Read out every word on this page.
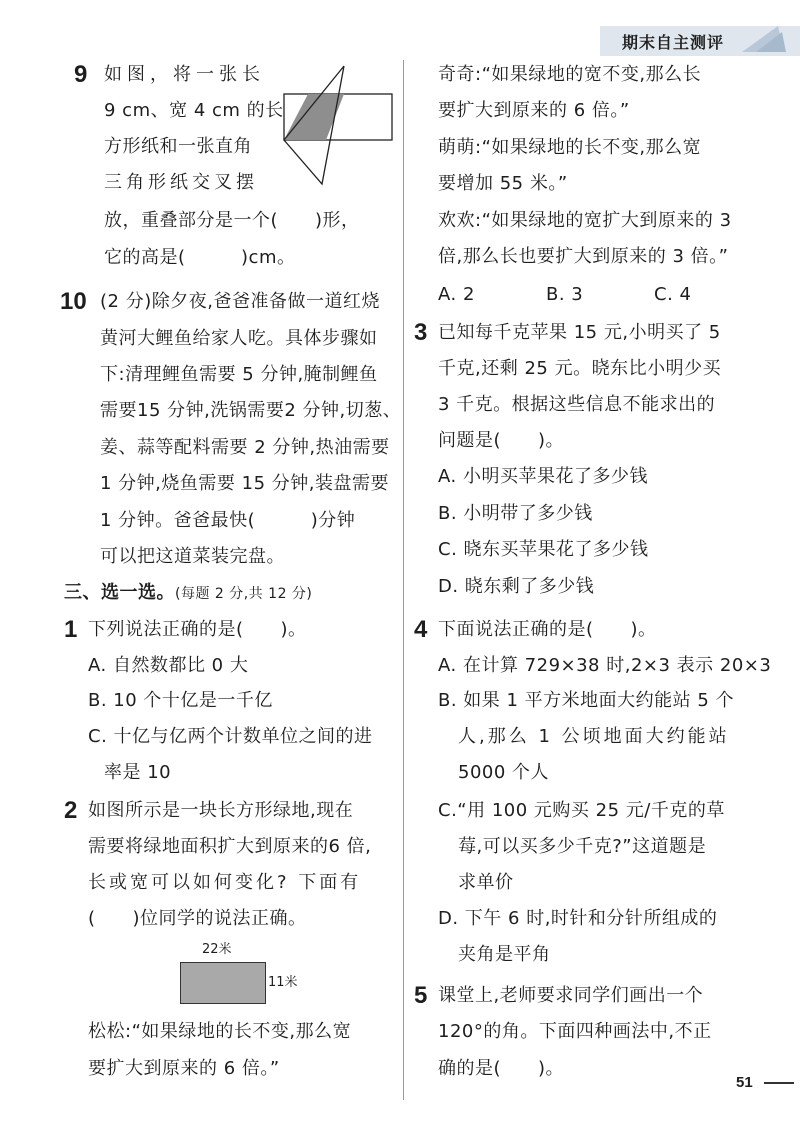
期末自主测评
9 如图，将一张长
9 cm、宽 4 cm 的长
方形纸和一张直角
三角形纸交叉摆
放，重叠部分是一个(　　)形，
它的高是(　　　)cm。
10 (2 分)除夕夜,爸爸准备做一道红烧
黄河大鲤鱼给家人吃。具体步骤如
下:清理鲤鱼需要 5 分钟,腌制鲤鱼
需要15 分钟,洗锅需要2 分钟,切葱、
姜、蒜等配料需要 2 分钟,热油需要
1 分钟,烧鱼需要 15 分钟,装盘需要
1 分钟。爸爸最快(　　　)分钟
可以把这道菜装完盘。
三、选一选。(每题 2 分,共 12 分)
1 下列说法正确的是(　　)。
A. 自然数都比 0 大
B. 10 个十亿是一千亿
C. 十亿与亿两个计数单位之间的进
率是 10
2 如图所示是一块长方形绿地,现在
需要将绿地面积扩大到原来的6 倍,
长或宽可以如何变化? 下面有
(　　)位同学的说法正确。
22米
11米
松松:“如果绿地的长不变,那么宽
要扩大到原来的 6 倍。”
奇奇:“如果绿地的宽不变,那么长
要扩大到原来的 6 倍。”
萌萌:“如果绿地的长不变,那么宽
要增加 55 米。”
欢欢:“如果绿地的宽扩大到原来的 3
倍,那么长也要扩大到原来的 3 倍。”
A. 2	B. 3	C. 4
3 已知每千克苹果 15 元,小明买了 5
千克,还剩 25 元。晓东比小明少买
3 千克。根据这些信息不能求出的
问题是(　　)。
A. 小明买苹果花了多少钱
B. 小明带了多少钱
C. 晓东买苹果花了多少钱
D. 晓东剩了多少钱
4 下面说法正确的是(　　)。
A. 在计算 729×38 时,2×3 表示 20×3
B. 如果 1 平方米地面大约能站 5 个
人,那么 1 公顷地面大约能站
5000 个人
C.“用 100 元购买 25 元/千克的草
莓,可以买多少千克?”这道题是
求单价
D. 下午 6 时,时针和分针所组成的
夹角是平角
5 课堂上,老师要求同学们画出一个
120°的角。下面四种画法中,不正
确的是(　　)。
51
